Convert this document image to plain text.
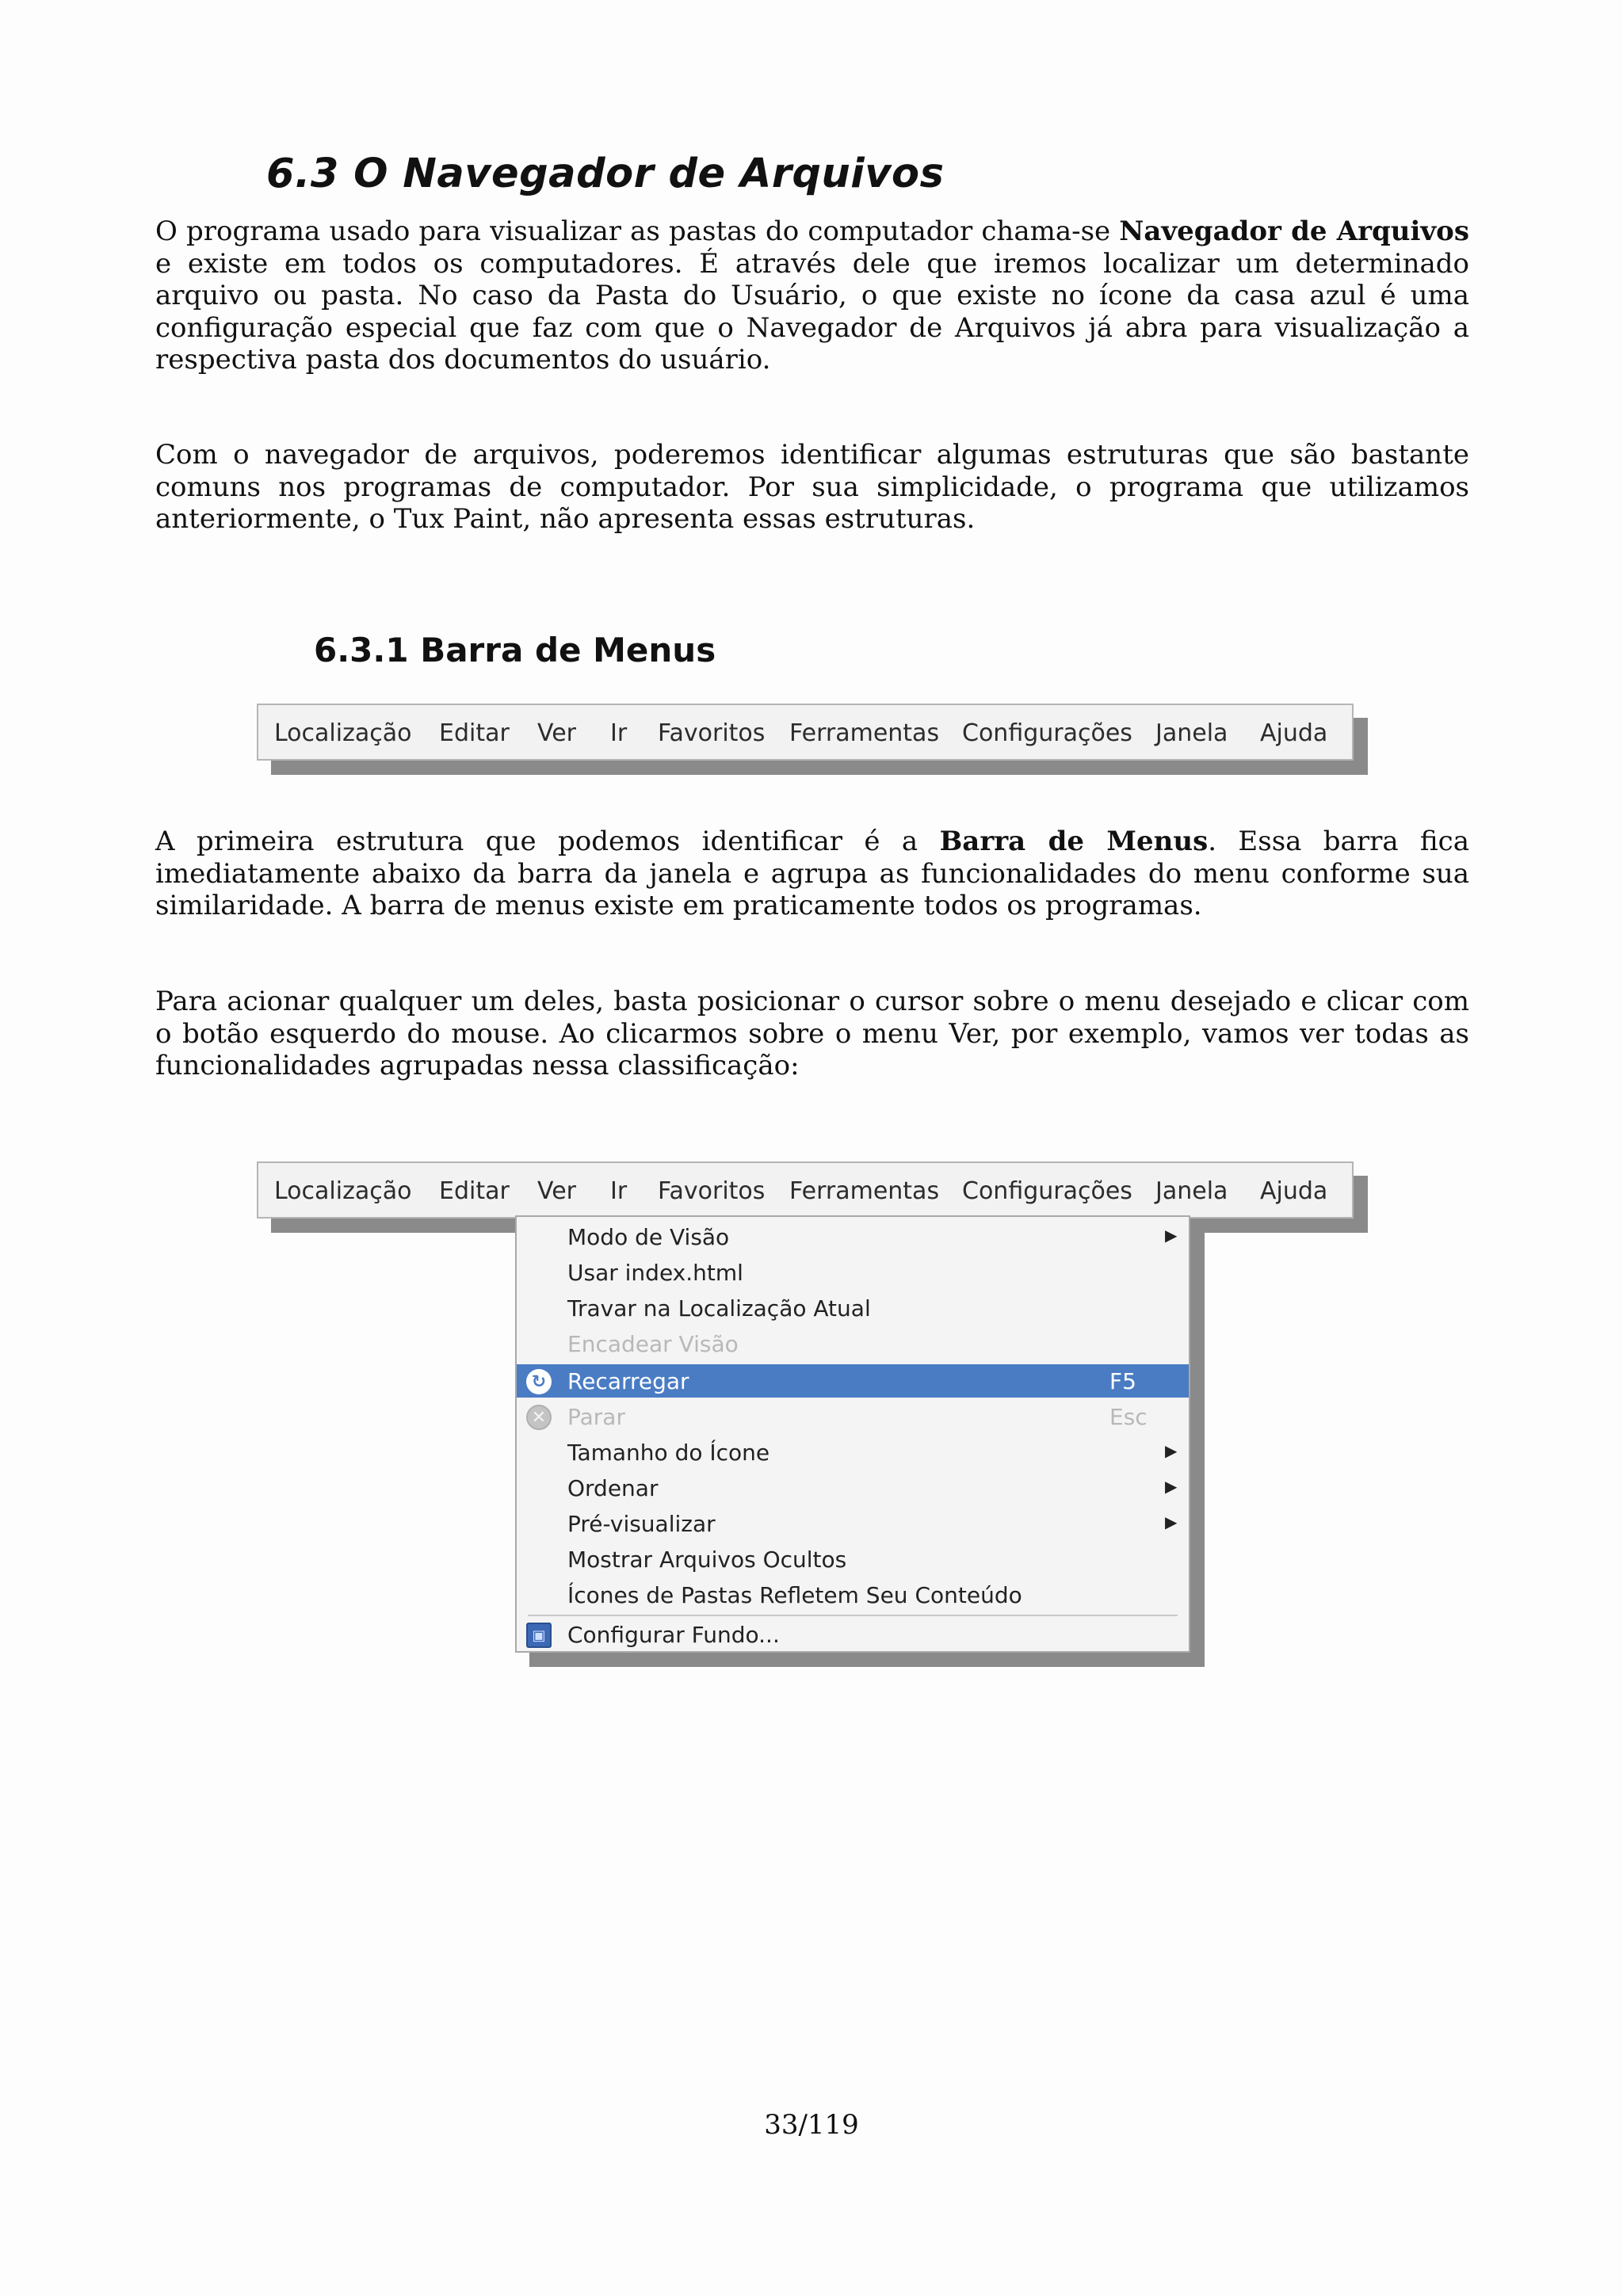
6.3 O Navegador de Arquivos

O programa usado para visualizar as pastas do computador chama-se Navegador de Arquivos e existe em todos os computadores. É através dele que iremos localizar um determinado arquivo ou pasta. No caso da Pasta do Usuário, o que existe no ícone da casa azul é uma configuração especial que faz com que o Navegador de Arquivos já abra para visualização a respectiva pasta dos documentos do usuário.

Com o navegador de arquivos, poderemos identificar algumas estruturas que são bastante comuns nos programas de computador. Por sua simplicidade, o programa que utilizamos anteriormente, o Tux Paint, não apresenta essas estruturas.

6.3.1 Barra de Menus
Localização Editar Ver Ir Favoritos Ferramentas Configurações Janela Ajuda

A primeira estrutura que podemos identificar é a Barra de Menus. Essa barra fica imediatamente abaixo da barra da janela e agrupa as funcionalidades do menu conforme sua similaridade. A barra de menus existe em praticamente todos os programas.

Para acionar qualquer um deles, basta posicionar o cursor sobre o menu desejado e clicar com o botão esquerdo do mouse. Ao clicarmos sobre o menu Ver, por exemplo, vamos ver todas as funcionalidades agrupadas nessa classificação:

Localização Editar Ver Ir Favoritos Ferramentas Configurações Janela Ajuda
Modo de Visão	▶
Usar index.html
Travar na Localização Atual
Encadear Visão
↻ Recarregar	F5
✕ Parar	Esc
Tamanho do Ícone	▶
Ordenar	▶
Pré-visualizar	▶
Mostrar Arquivos Ocultos
Ícones de Pastas Refletem Seu Conteúdo
▣ Configurar Fundo...
33/119
